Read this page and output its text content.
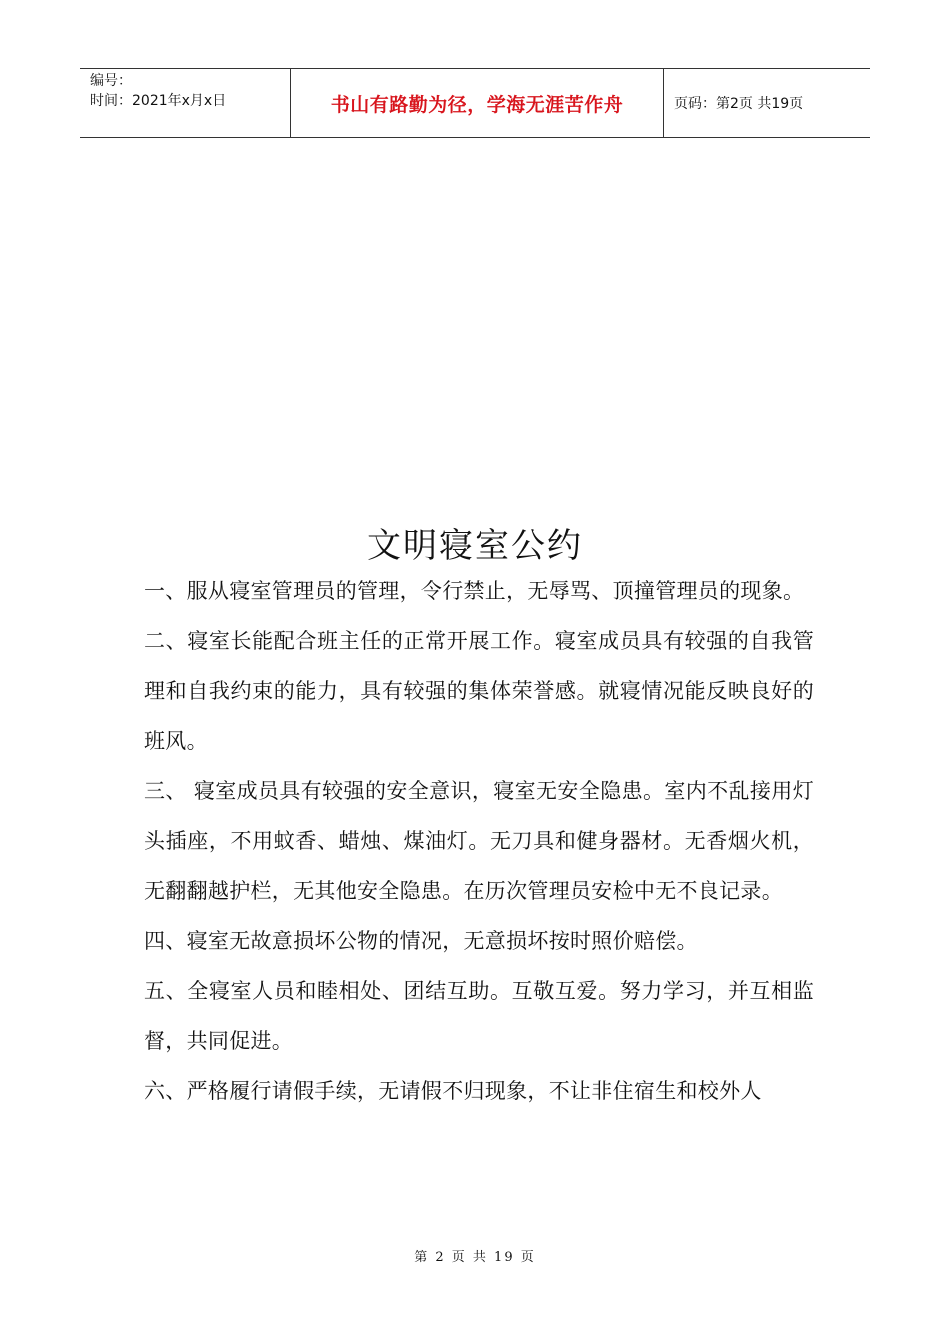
编号：
时间：2021年x月x日	书山有路勤为径，学海无涯苦作舟	页码：第2页 共19页
文明寝室公约

一、服从寝室管理员的管理，令行禁止，无辱骂、顶撞管理员的现象。

二、寝室长能配合班主任的正常开展工作。寝室成员具有较强的自我管理和自我约束的能力，具有较强的集体荣誉感。就寝情况能反映良好的班风。

三、 寝室成员具有较强的安全意识，寝室无安全隐患。室内不乱接用灯头插座，不用蚊香、蜡烛、煤油灯。无刀具和健身器材。无香烟火机，无翻翻越护栏，无其他安全隐患。在历次管理员安检中无不良记录。

四、寝室无故意损坏公物的情况，无意损坏按时照价赔偿。

五、全寝室人员和睦相处、团结互助。互敬互爱。努力学习，并互相监督，共同促进。

六、严格履行请假手续，无请假不归现象，不让非住宿生和校外人

第 2 页 共 19 页
